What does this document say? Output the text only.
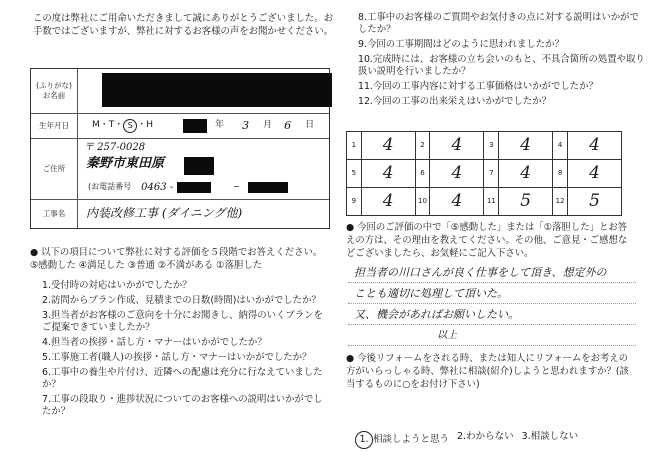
この度は弊社にご用命いただきまして誠にありがとうございました。お手数ではございますが、弊社に対するお客様の声をお聞かせください。
(ふりがな)
お名前
生年月日	M・T・ S ・H	年 3 月 6 日
ご住所
〒 257-0028
秦野市東田原
(お電話番号 0463 -	−
工事名	内装改修工事 (ダイニング他)
● 以下の項目について弊社に対する評価を５段階でお答えください。⑤感動した ④満足した ③普通 ②不満がある ①落胆した
1.受付時の対応はいかがでしたか？
2.訪問からプラン作成、見積までの日数(時間)はいかがでしたか？
3.担当者がお客様のご意向を十分にお聞きし、納得のいくプランをご提案できていましたか？
4.担当者の挨拶・話し方・マナーはいかがでしたか？
5.工事施工者(職人)の挨拶・話し方・マナーはいかがでしたか？
6.工事中の養生や片付け、近隣への配慮は充分に行なえていましたか？
7.工事の段取り・進捗状況についてのお客様への説明はいかがでしたか？
8.工事中のお客様のご質問やお気付きの点に対する説明はいかがでしたか？
9.今回の工事期間はどのように思われましたか？
10.完成時には、お客様の立ち会いのもと、不具合箇所の処置や取り扱い説明を行いましたか？
11.今回の工事内容に対する工事価格はいかがでしたか？
12.今回の工事の出来栄えはいかがでしたか？
1	4	2	4	3	4	4	4
5	4	6	4	7	4	8	4
9	4	10	4	11	5	12	5
● 今回のご評価の中で「⑤感動した」または「①落胆した」とお答えの方は、その理由を教えてください。その他、ご意見・ご感想などございましたら、お気軽にご記入下さい。
担当者の川口さんが良く仕事をして頂き、想定外の
ことも適切に処理して頂いた。
又、機会があればお願いしたい。
以上
● 今後リフォームをされる時、または知人にリフォームをお考えの方がいらっしゃる時、弊社に相談(紹介)しようと思われますか？(該当するものに○をお付け下さい)
1. 相談しようと思う 2.わからない 3.相談しない
